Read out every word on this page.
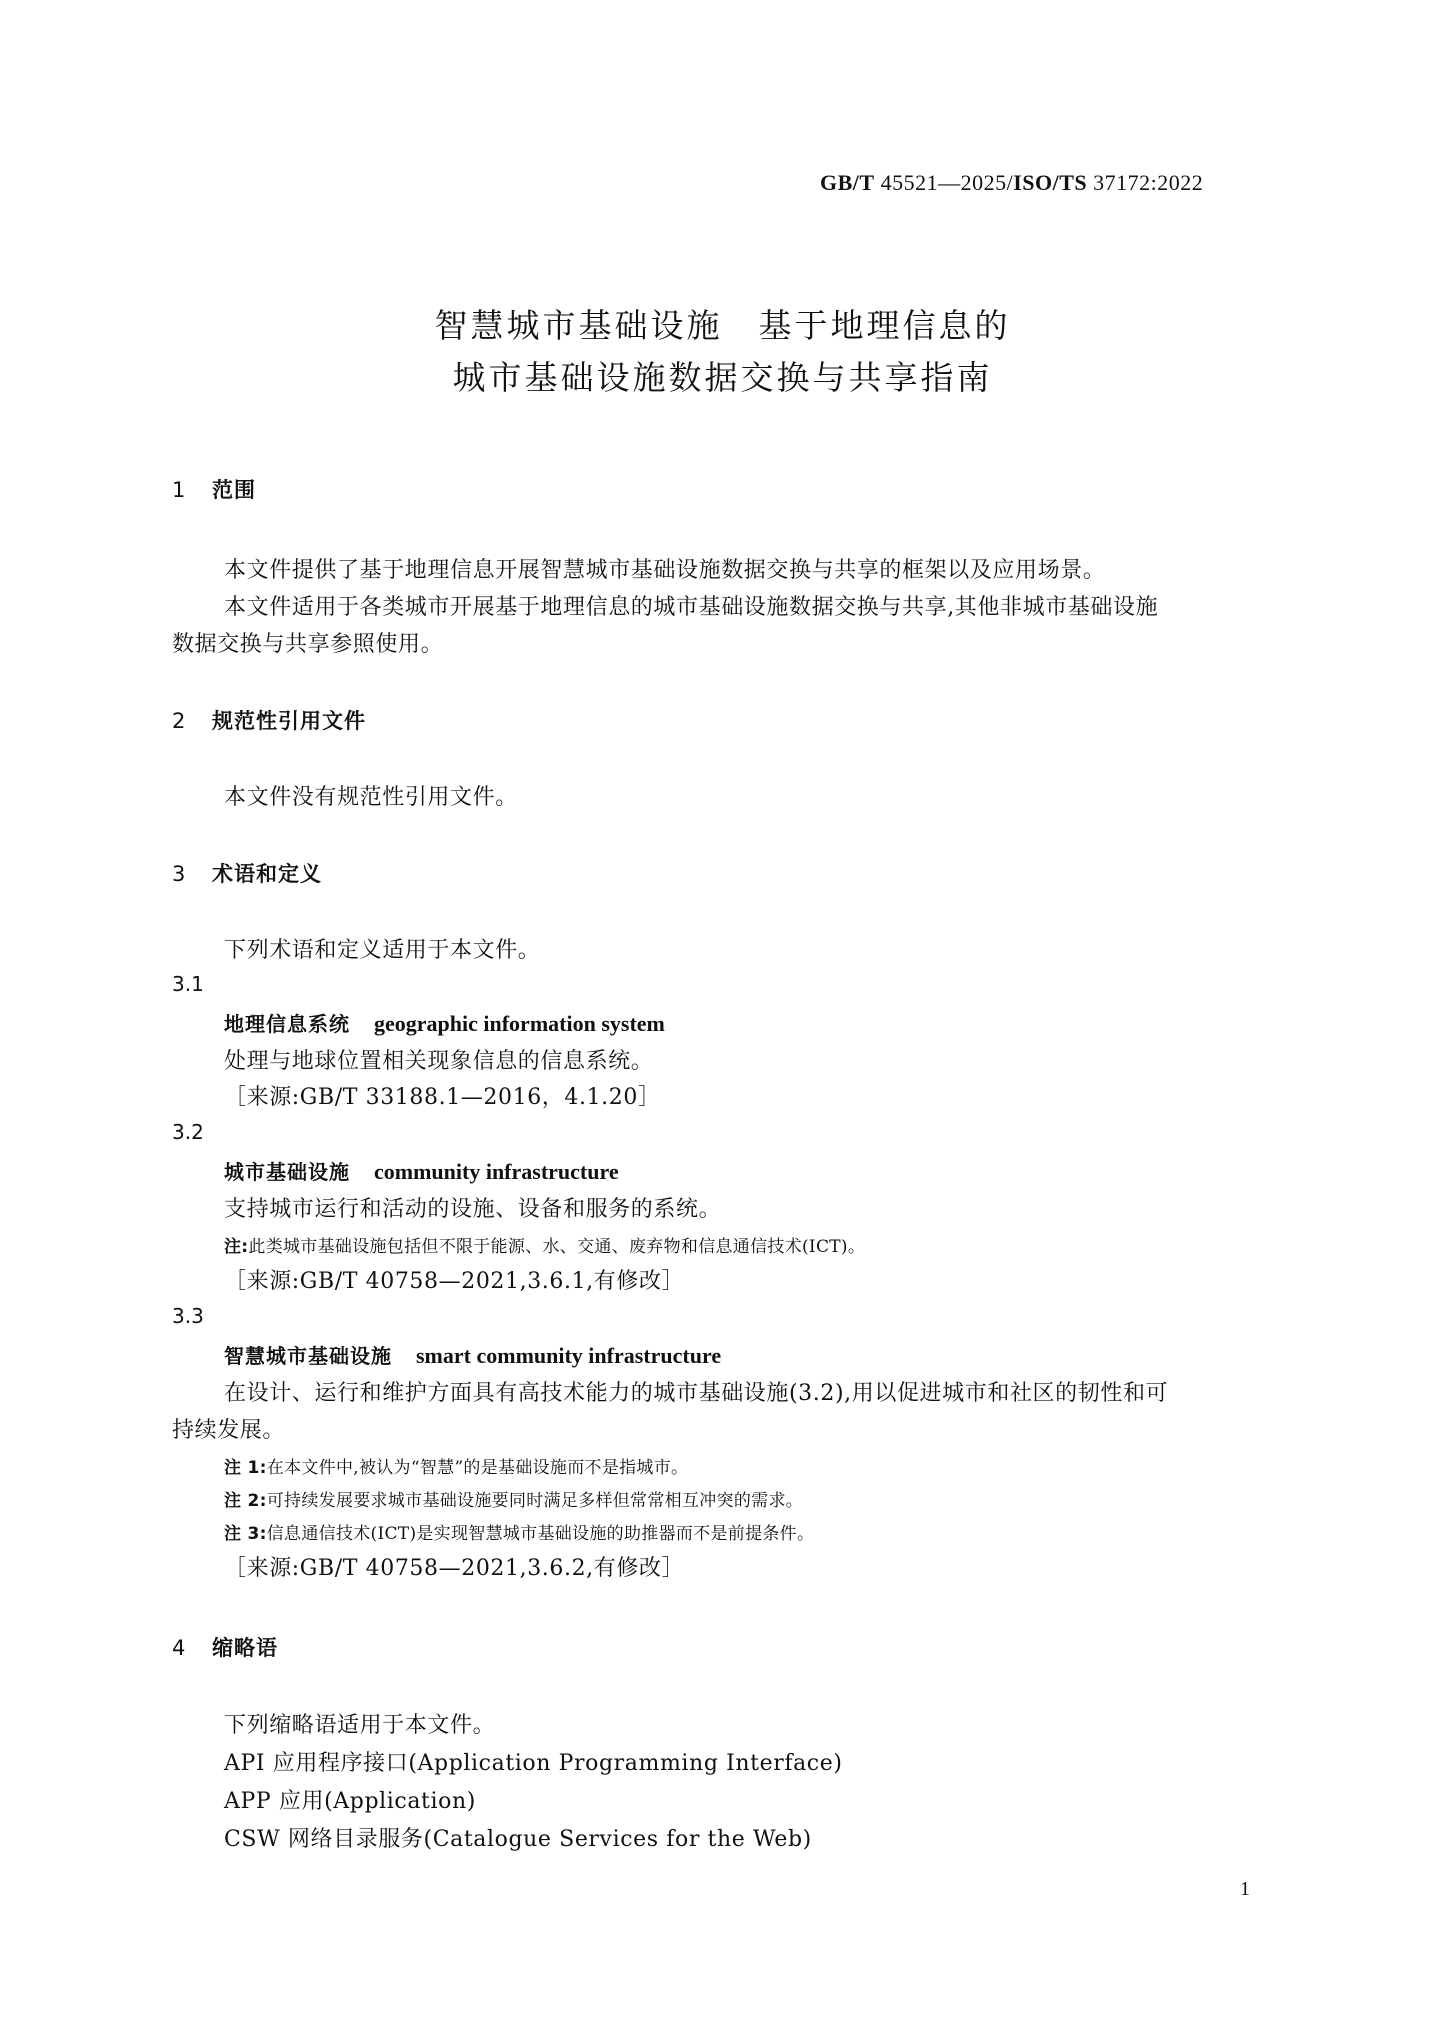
GB/T 45521—2025/ISO/TS 37172:2022
智慧城市基础设施　基于地理信息的
城市基础设施数据交换与共享指南
1 范围
本文件提供了基于地理信息开展智慧城市基础设施数据交换与共享的框架以及应用场景。
本文件适用于各类城市开展基于地理信息的城市基础设施数据交换与共享,其他非城市基础设施
数据交换与共享参照使用。
2 规范性引用文件
本文件没有规范性引用文件。
3 术语和定义
下列术语和定义适用于本文件。
3.1
地理信息系统 geographic information system
处理与地球位置相关现象信息的信息系统。
［来源:GB/T 33188.1—2016，4.1.20］
3.2
城市基础设施 community infrastructure
支持城市运行和活动的设施、设备和服务的系统。
注:此类城市基础设施包括但不限于能源、水、交通、废弃物和信息通信技术(ICT)。
［来源:GB/T 40758—2021,3.6.1,有修改］
3.3
智慧城市基础设施 smart community infrastructure
在设计、运行和维护方面具有高技术能力的城市基础设施(3.2),用以促进城市和社区的韧性和可
持续发展。
注 1:在本文件中,被认为“智慧”的是基础设施而不是指城市。
注 2:可持续发展要求城市基础设施要同时满足多样但常常相互冲突的需求。
注 3:信息通信技术(ICT)是实现智慧城市基础设施的助推器而不是前提条件。
［来源:GB/T 40758—2021,3.6.2,有修改］
4 缩略语
下列缩略语适用于本文件。
API 应用程序接口(Application Programming Interface)
APP 应用(Application)
CSW 网络目录服务(Catalogue Services for the Web)
1
